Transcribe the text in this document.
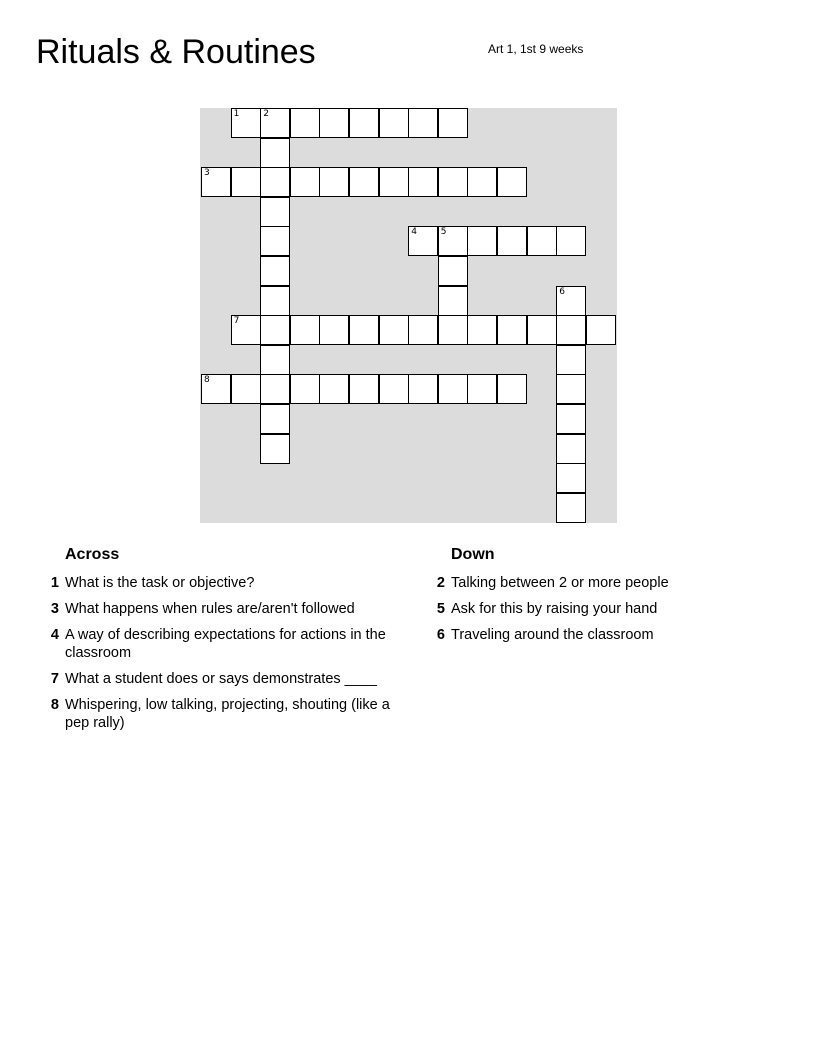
Rituals & Routines	Art 1, 1st 9 weeks
1	2
3
4	5
6
7
8
Across
1 What is the task or objective?
3 What happens when rules are/aren't followed
4 A way of describing expectations for actions in the classroom
7 What a student does or says demonstrates ____
8 Whispering, low talking, projecting, shouting (like a pep rally)
Down
2 Talking between 2 or more people
5 Ask for this by raising your hand
6 Traveling around the classroom
